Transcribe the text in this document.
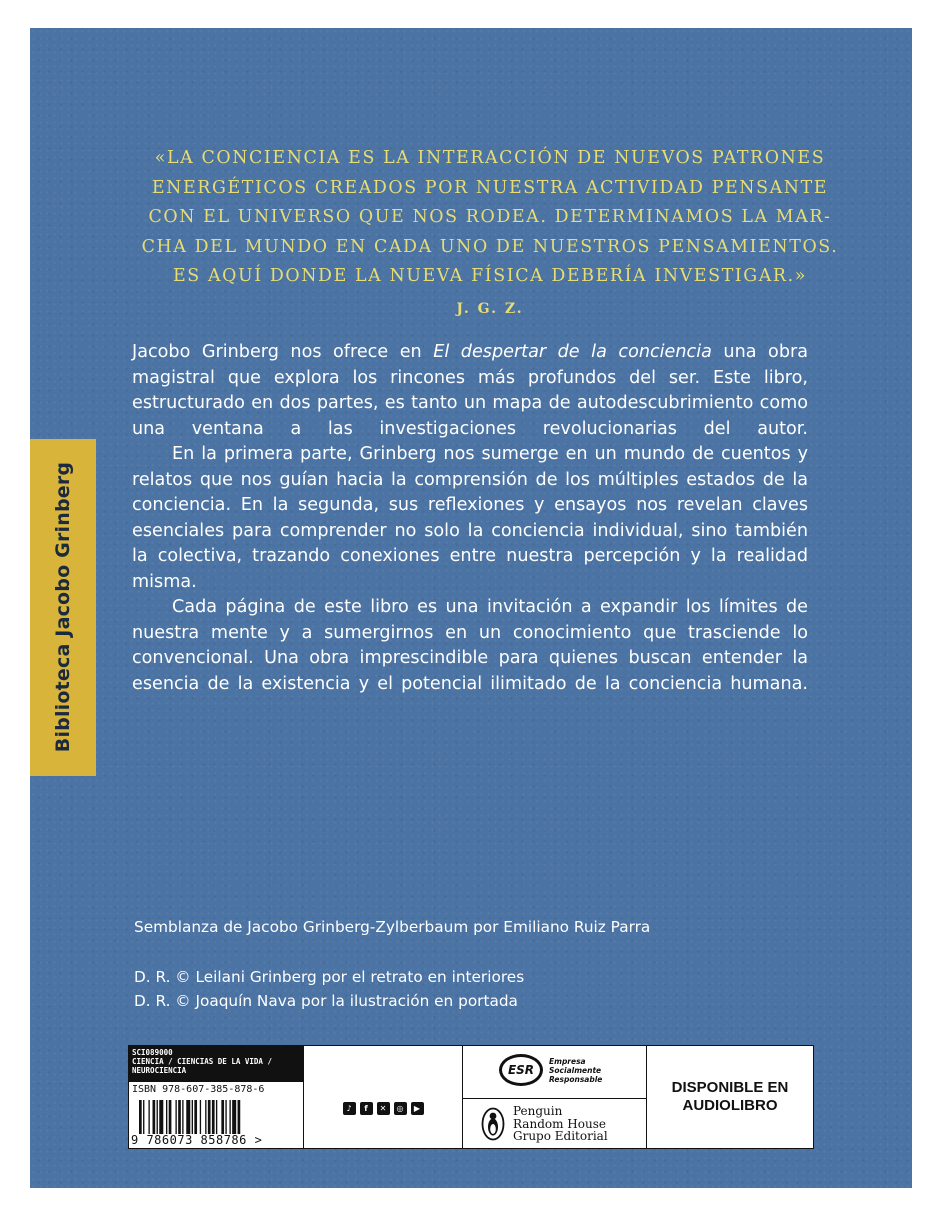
Biblioteca Jacobo Grinberg

«LA CONCIENCIA ES LA INTERACCIÓN DE NUEVOS PATRONES

ENERGÉTICOS CREADOS POR NUESTRA ACTIVIDAD PENSANTE

CON EL UNIVERSO QUE NOS RODEA. DETERMINAMOS LA MAR-

CHA DEL MUNDO EN CADA UNO DE NUESTROS PENSAMIENTOS.

ES AQUÍ DONDE LA NUEVA FÍSICA DEBERÍA INVESTIGAR.»

J. G. Z.

Jacobo Grinberg nos ofrece en El despertar de la conciencia una obra magistral que explora los rincones más profundos del ser. Este libro, estructurado en dos partes, es tanto un mapa de autodescubrimiento como una ventana a las investigaciones revolucionarias del autor.

En la primera parte, Grinberg nos sumerge en un mundo de cuentos y relatos que nos guían hacia la comprensión de los múltiples estados de la conciencia. En la segunda, sus reflexiones y ensayos nos revelan claves esenciales para comprender no solo la conciencia individual, sino también la colectiva, trazando conexiones entre nuestra percepción y la realidad misma.

Cada página de este libro es una invitación a expandir los límites de nuestra mente y a sumergirnos en un conocimiento que trasciende lo convencional. Una obra imprescindible para quienes buscan entender la esencia de la existencia y el potencial ilimitado de la conciencia humana.

Semblanza de Jacobo Grinberg-Zylberbaum por Emiliano Ruiz Parra
D. R. © Leilani Grinberg por el retrato en interiores
D. R. © Joaquín Nava por la ilustración en portada
SCI089000
CIENCIA / CIENCIAS DE LA VIDA /
NEUROCIENCIA
ISBN 978-607-385-878-6
9 786073 858786 >
♪	f	✕	◎	▶
ESR
Empresa
Socialmente
Responsable
Penguin
Random House
Grupo Editorial
DISPONIBLE EN
AUDIOLIBRO
